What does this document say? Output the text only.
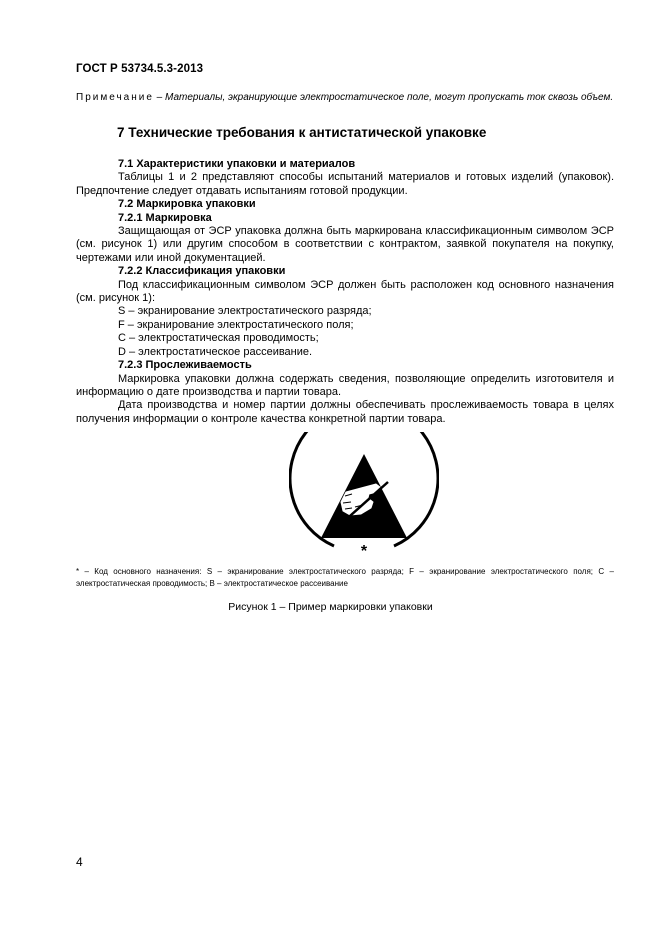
ГОСТ Р 53734.5.3-2013
Примечание – Материалы, экранирующие электростатическое поле, могут пропускать ток сквозь объем.
7 Технические требования к антистатической упаковке

7.1 Характеристики упаковки и материалов

Таблицы 1 и 2 представляют способы испытаний материалов и готовых изделий (упаковок). Предпочтение следует отдавать испытаниям готовой продукции.

7.2 Маркировка упаковки

7.2.1 Маркировка

Защищающая от ЭСР упаковка должна быть маркирована классификационным символом ЭСР (см. рисунок 1) или другим способом в соответствии с контрактом, заявкой покупателя на покупку, чертежами или иной документацией.

7.2.2 Классификация упаковки

Под классификационным символом ЭСР должен быть расположен код основного назначения (см. рисунок 1):

S – экранирование электростатического разряда;

F – экранирование электростатического поля;

C – электростатическая проводимость;

D – электростатическое рассеивание.

7.2.3 Прослеживаемость

Маркировка упаковки должна содержать сведения, позволяющие определить изготовителя и информацию о дате производства и партии товара.

Дата производства и номер партии должны обеспечивать прослеживаемость товара в целях получения информации о контроле качества конкретной партии товара.

*
* – Код основного назначения: S – экранирование электростатического разряда; F – экранирование электростатического поля; C – электростатическая проводимость; B – электростатическое рассеивание
Рисунок 1 – Пример маркировки упаковки
4
